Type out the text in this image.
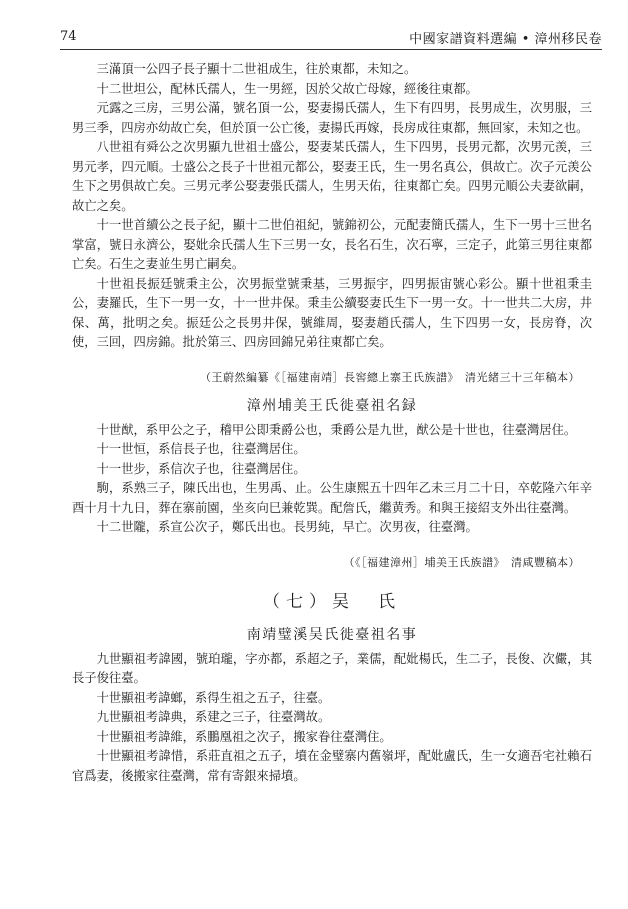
74	中國家譜資料選編 • 漳州移民卷

三滿頂一公四子長子顯十二世祖成生，往於東都，未知之。

十二世坦公，配林氏孺人，生一男經，因於父故亡母嫁，經後往東都。

元露之三房，三男公滿，號名頂一公，娶妻揚氏孺人，生下有四男，長男成生，次男服，三男三季，四房亦幼故亡矣，但於頂一公亡後，妻揚氏再嫁，長房成往東都，無回家，未知之也。

八世祖有舜公之次男顯九世祖士盛公，娶妻某氏孺人，生下四男，長男元都，次男元羡，三男元孝，四元順。士盛公之長子十世祖元都公，娶妻王氏，生一男名真公，俱故亡。次子元羡公生下之男俱故亡矣。三男元孝公娶妻張氏孺人，生男天佑，往東都亡矣。四男元順公夫妻欲嗣，故亡之矣。

十一世首續公之長子紀，顯十二世伯祖紀，號錦初公，元配妻簡氏孺人，生下一男十三世名掌富，號日永濟公，娶妣余氏孺人生下三男一女，長名石生，次石寧，三定子，此第三男往東都亡矣。石生之妻並生男亡嗣矣。

十世祖長振廷號秉主公，次男振堂號秉基，三男振宇，四男振宙號心彩公。顯十世祖秉圭公，妻羅氏，生下一男一女，十一世井保。秉圭公續娶妻氏生下一男一女。十一世共二大房，井保、萬，批明之矣。振廷公之長男井保，號維周，娶妻趙氏孺人，生下四男一女，長房脊，次使，三回，四房錦。批於第三、四房回錦兄弟往東都亡矣。

（王蔚然編纂《［福建南靖］長窖總上寨王氏族譜》　清光緒三十三年稿本）
漳州埔美王氏徙臺祖名録

十世猷，系甲公之子，稽甲公即秉爵公也，秉爵公是九世，猷公是十世也，往臺灣居住。

十一世恒，系信長子也，往臺灣居住。

十一世步，系信次子也，往臺灣居住。

駒，系熟三子，陳氏出也，生男禹、止。公生康熙五十四年乙未三月二十日，卒乾隆六年辛酉十月十九日，葬在寨前園，坐亥向巳兼乾巽。配詹氏，繼黄秀。和與王接紹支外出往臺灣。

十二世隴，系宣公次子，鄭氏出也。長男純，早亡。次男夜，往臺灣。

（《［福建漳州］埔美王氏族譜》　清咸豐稿本）
（七）吴　氏
南靖璧溪吴氏徙臺祖名事

九世顯祖考諱國，號珀瓏，字亦都，系超之子，業儒，配妣楊氏，生二子，長俊、次儼，其長子俊往臺。

十世顯祖考諱螂，系得生祖之五子，往臺。

九世顯祖考諱典，系建之三子，往臺灣故。

十世顯祖考諱維，系鵬凰祖之次子，搬家眷往臺灣住。

十世顯祖考諱惜，系莊直祖之五子，墳在金璧寨内舊嶺坪，配妣盧氏，生一女適吾宅社賴石官爲妻，後搬家往臺灣，常有寄銀來掃墳。
